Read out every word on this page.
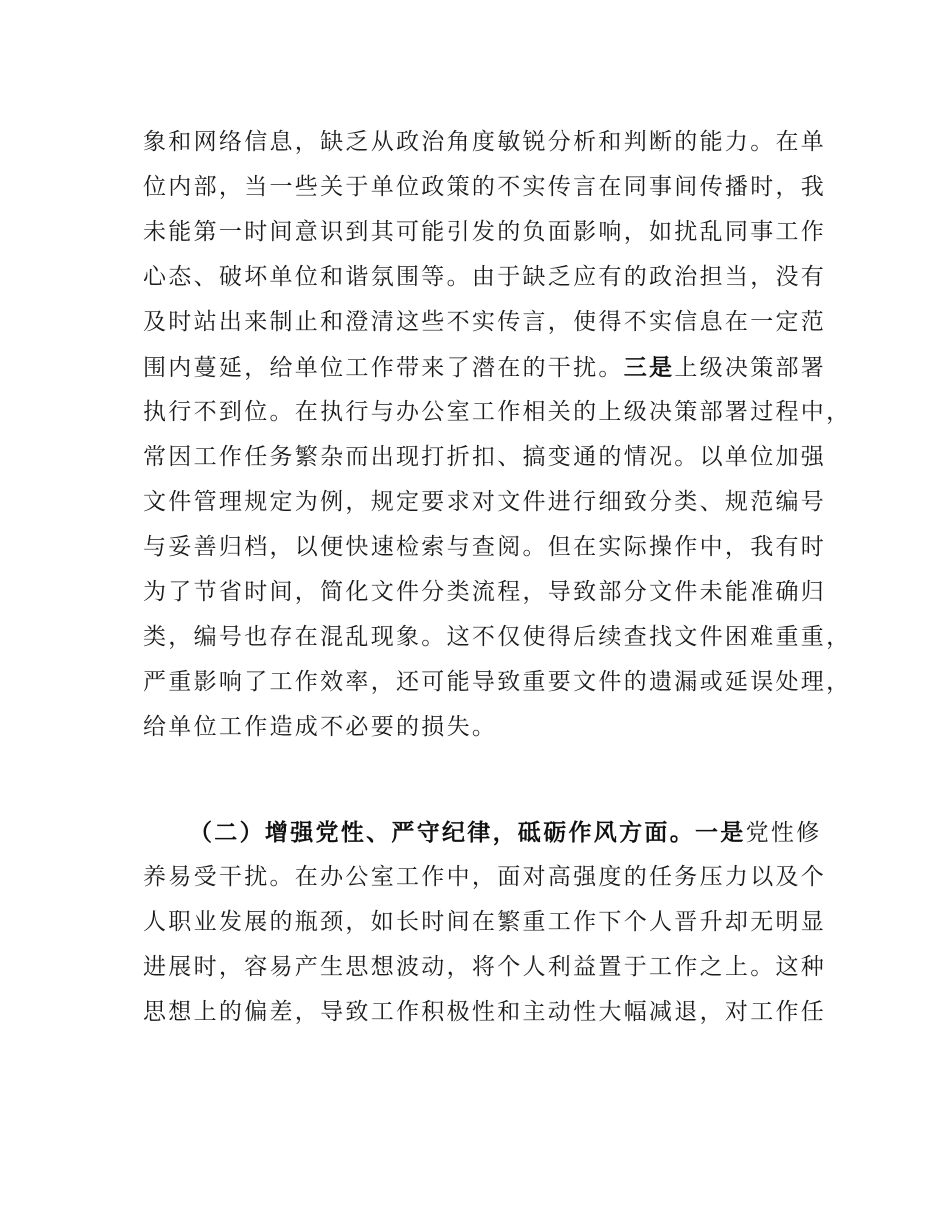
象和网络信息，缺乏从政治角度敏锐分析和判断的能力。在单
位内部，当一些关于单位政策的不实传言在同事间传播时，我
未能第一时间意识到其可能引发的负面影响，如扰乱同事工作
心态、破坏单位和谐氛围等。由于缺乏应有的政治担当，没有
及时站出来制止和澄清这些不实传言，使得不实信息在一定范
围内蔓延，给单位工作带来了潜在的干扰。三是上级决策部署
执行不到位。在执行与办公室工作相关的上级决策部署过程中，
常因工作任务繁杂而出现打折扣、搞变通的情况。以单位加强
文件管理规定为例，规定要求对文件进行细致分类、规范编号
与妥善归档，以便快速检索与查阅。但在实际操作中，我有时
为了节省时间，简化文件分类流程，导致部分文件未能准确归
类，编号也存在混乱现象。这不仅使得后续查找文件困难重重，
严重影响了工作效率，还可能导致重要文件的遗漏或延误处理，
给单位工作造成不必要的损失。
（二）增强党性、严守纪律，砥砺作风方面。一是党性修
养易受干扰。在办公室工作中，面对高强度的任务压力以及个
人职业发展的瓶颈，如长时间在繁重工作下个人晋升却无明显
进展时，容易产生思想波动，将个人利益置于工作之上。这种
思想上的偏差，导致工作积极性和主动性大幅减退，对工作任
